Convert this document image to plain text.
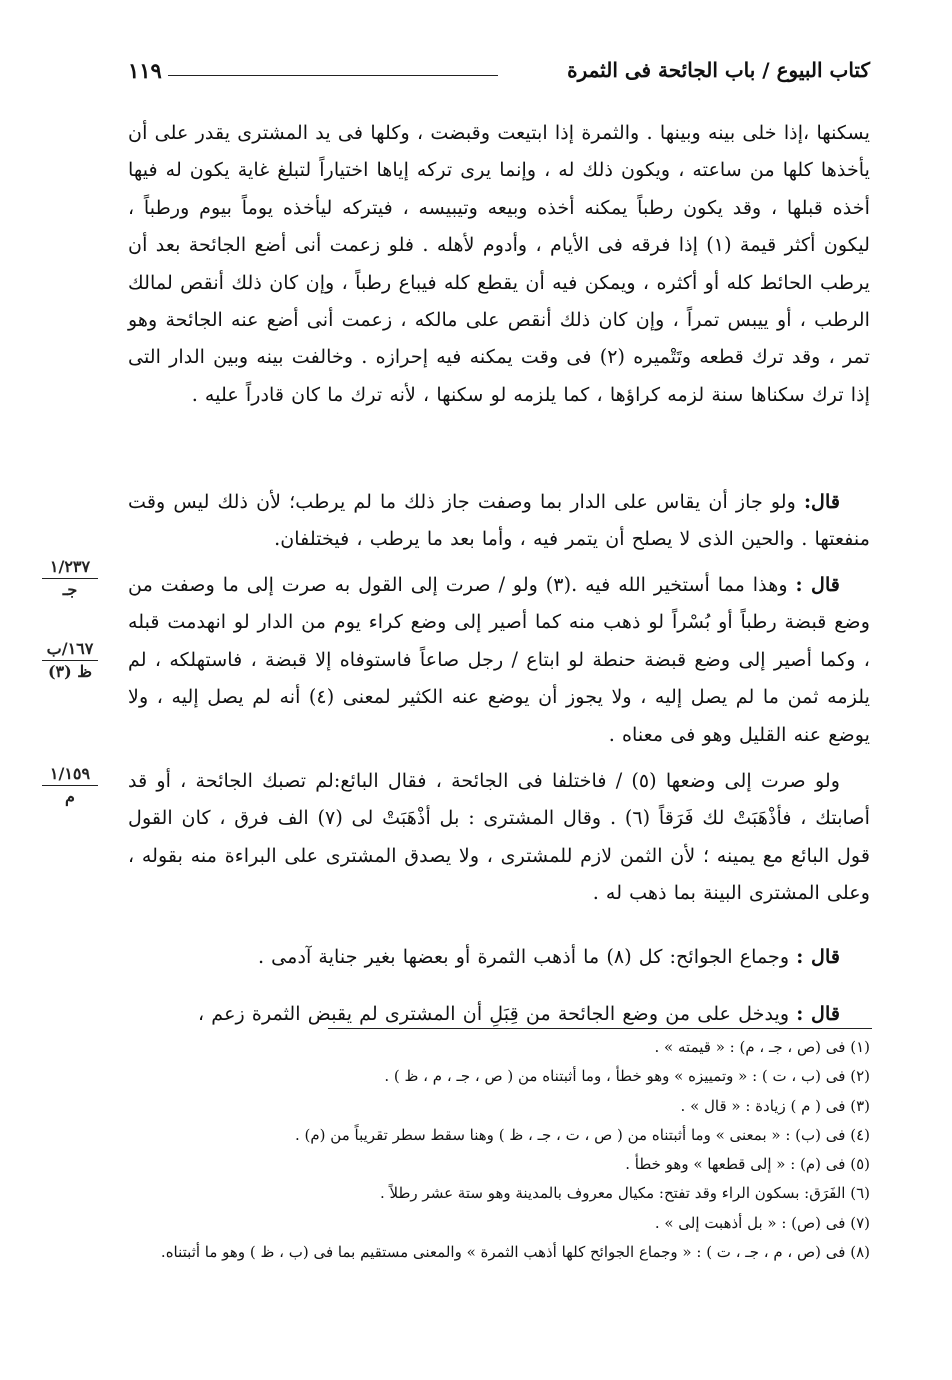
كتاب البيوع / باب الجائحة فى الثمرة
١١٩

يسكنها ،إذا خلى بينه وبينها . والثمرة إذا ابتيعت وقبضت ، وكلها فى يد المشترى يقدر على أن يأخذها كلها من ساعته ، ويكون ذلك له ، وإنما يرى تركه إياها اختياراً لتبلغ غاية يكون له فيها أخذه قبلها ، وقد يكون رطباً يمكنه أخذه وبيعه وتيبيسه ، فيتركه ليأخذه يوماً بيوم ورطباً ، ليكون أكثر قيمة (١) إذا فرقه فى الأيام ، وأدوم لأهله . فلو زعمت أنى أضع الجائحة بعد أن يرطب الحائط كله أو أكثره ، ويمكن فيه أن يقطع كله فيباع رطباً ، وإن كان ذلك أنقص لمالك الرطب ، أو ييبس تمراً ، وإن كان ذلك أنقص على مالكه ، زعمت أنى أضع عنه الجائحة وهو تمر ، وقد ترك قطعه وتَتْميره (٢) فى وقت يمكنه فيه إحرازه . وخالفت بينه وبين الدار التى إذا ترك سكناها سنة لزمه كراؤها ، كما يلزمه لو سكنها ، لأنه ترك ما كان قادراً عليه .

قال: ولو جاز أن يقاس على الدار بما وصفت جاز ذلك ما لم يرطب؛ لأن ذلك ليس وقت منفعتها . والحين الذى لا يصلح أن يتمر فيه ، وأما بعد ما يرطب ، فيختلفان.

قال : وهذا مما أستخير الله فيه .(٣) ولو / صرت إلى القول به صرت إلى ما وصفت من وضع قبضة رطباً أو بُسْراً لو ذهب منه كما أصير إلى وضع كراء يوم من الدار لو انهدمت قبله ، وكما أصير إلى وضع قبضة حنطة لو ابتاع / رجل صاعاً فاستوفاه إلا قبضة ، فاستهلكه ، لم يلزمه ثمن ما لم يصل إليه ، ولا يجوز أن يوضع عنه الكثير لمعنى (٤) أنه لم يصل إليه ، ولا يوضع عنه القليل وهو فى معناه .

ولو صرت إلى وضعها (٥) / فاختلفا فى الجائحة ، فقال البائع:لم تصبك الجائحة ، أو قد أصابتك ، فأذْهَبَتْ لك فَرَقاً (٦) . وقال المشترى : بل أذْهَبَتْ لى (٧) الف فرق ، كان القول قول البائع مع يمينه ؛ لأن الثمن لازم للمشترى ، ولا يصدق المشترى على البراءة منه بقوله ، وعلى المشترى البينة بما ذهب له .

قال : وجماع الجوائح: كل (٨) ما أذهب الثمرة أو بعضها بغير جناية آدمى .

قال : ويدخل على من وضع الجائحة من قِبَلِ أن المشترى لم يقبض الثمرة زعم ،

(١) فى (ص ، جـ ، م) : « قيمته » .
(٢) فى (ب ، ت ) : « وتمييزه » وهو خطأ ، وما أثبتناه من ( ص ، جـ ، م ، ظ ) .
(٣) فى ( م ) زيادة : « قال » .
(٤) فى (ب) : « بمعنى » وما أثبتناه من ( ص ، ت ، جـ ، ظ ) وهنا سقط سطر تقريباً من (م) .
(٥) فى (م) : « إلى قطعها » وهو خطأ .
(٦) الفَرَق: بسكون الراء وقد تفتح: مكيال معروف بالمدينة وهو ستة عشر رطلاً .
(٧) فى (ص) : « بل أذهبت إلى » .
(٨) فى (ص ، م ، جـ ، ت ) : « وجماع الجوائح كلها أذهب الثمرة » والمعنى مستقيم بما فى (ب ، ظ ) وهو ما أثبتناه.
١/٢٣٧
جـ
١٦٧/ب
ظ (٣)
١/١٥٩
م
